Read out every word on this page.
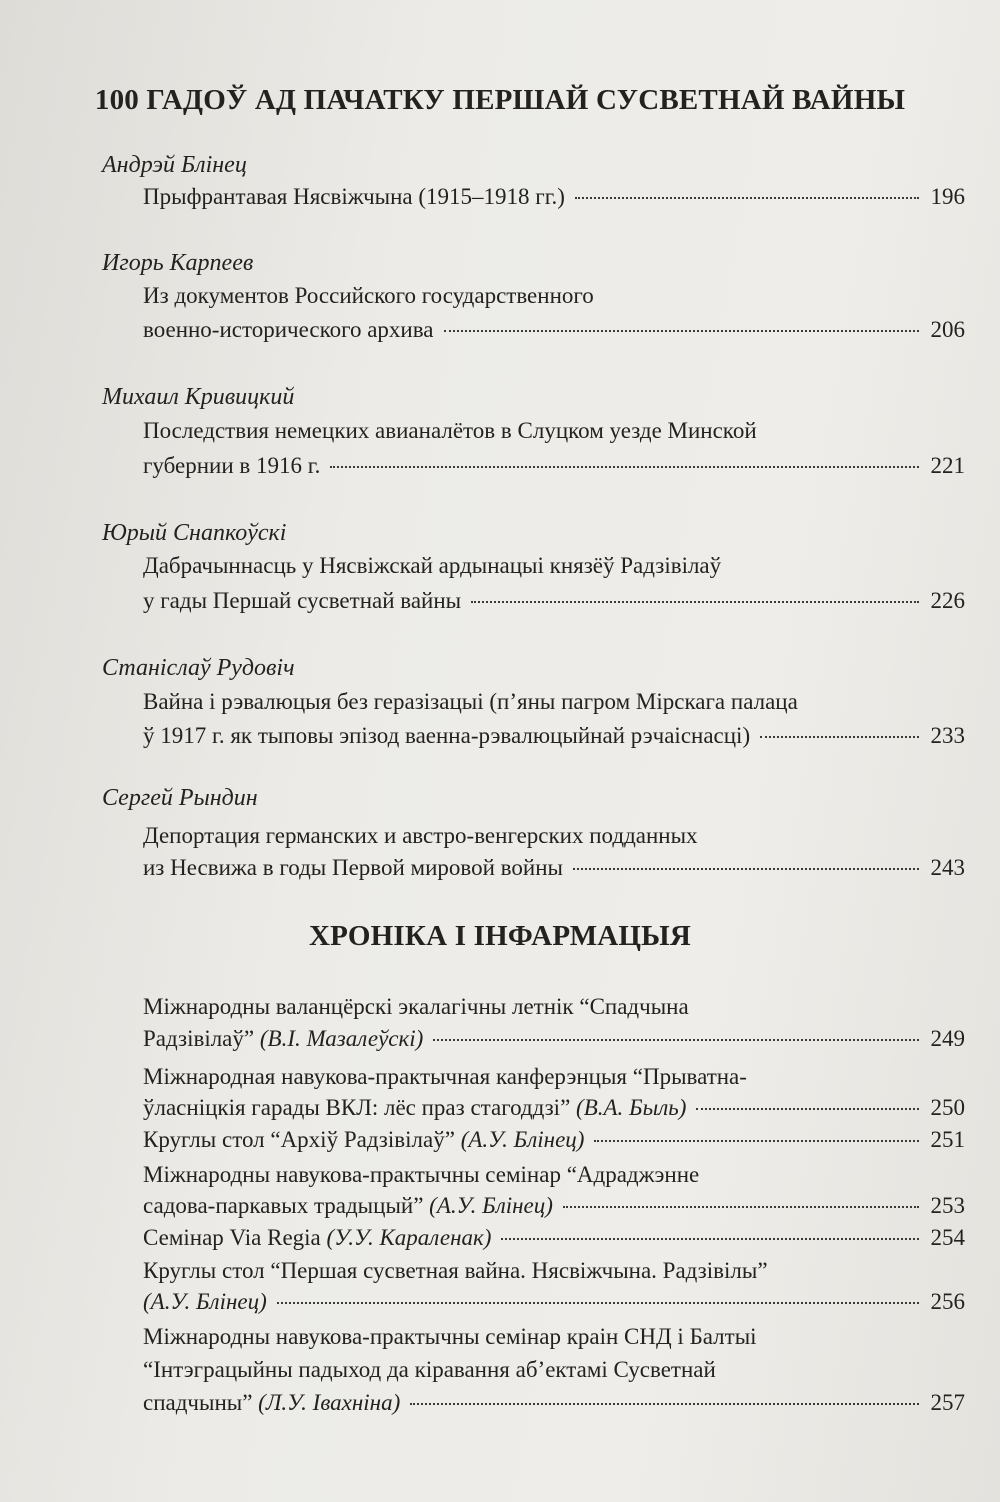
100 ГАДОЎ АД ПАЧАТКУ ПЕРШАЙ СУСВЕТНАЙ ВАЙНЫ
Андрэй Блінец
Прыфрантавая Нясвіжчына (1915–1918 гг.)	196
Игорь Карпеев
Из документов Российского государственного
военно-исторического архива	206
Михаил Кривицкий
Последствия немецких авианалётов в Слуцком уезде Минской
губернии в 1916 г.	221
Юрый Снапкоўскі
Дабрачыннасць у Нясвіжскай ардынацыі князёў Радзівілаў
у гады Першай сусветнай вайны	226
Станіслаў Рудовіч
Вайна і рэвалюцыя без геразізацыі (п’яны пагром Мірскага палаца
ў 1917 г. як тыповы эпізод ваенна-рэвалюцыйнай рэчаіснасці)	233
Сергей Рындин
Депортация германских и австро-венгерских подданных
из Несвижа в годы Первой мировой войны	243
ХРОНІКА І ІНФАРМАЦЫЯ
Міжнародны валанцёрскі экалагічны летнік “Спадчына
Радзівілаў” (В.І. Мазалеўскі)	249
Міжнародная навукова-практычная канферэнцыя “Прыватна-
ўласніцкія гарады ВКЛ: лёс праз стагоддзі” (В.А. Быль)	250
Круглы стол “Архіў Радзівілаў” (А.У. Блінец)	251
Міжнародны навукова-практычны семінар “Адраджэнне
садова-паркавых традыцый” (А.У. Блінец)	253
Семінар Via Regia (У.У. Караленак)	254
Круглы стол “Першая сусветная вайна. Нясвіжчына. Радзівілы”
(А.У. Блінец)	256
Міжнародны навукова-практычны семінар краін СНД і Балтыі
“Інтэграцыйны падыход да кіравання аб’ектамі Сусветнай
спадчыны” (Л.У. Івахніна)	257
